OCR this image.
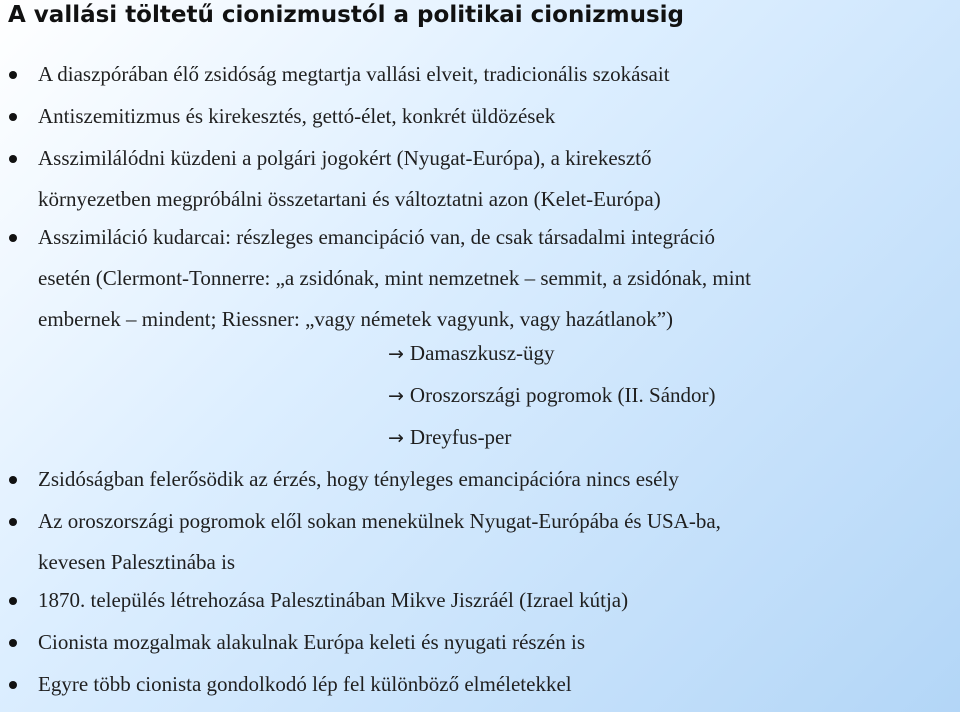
A vallási töltetű cionizmustól a politikai cionizmusig
A diaszpórában élő zsidóság megtartja vallási elveit, tradicionális szokásait
Antiszemitizmus és kirekesztés, gettó-élet, konkrét üldözések
Asszimilálódni küzdeni a polgári jogokért (Nyugat-Európa), a kirekesztő
környezetben megpróbálni összetartani és változtatni azon (Kelet-Európa)
Asszimiláció kudarcai: részleges emancipáció van, de csak társadalmi integráció
esetén (Clermont-Tonnerre: „a zsidónak, mint nemzetnek – semmit, a zsidónak, mint
embernek – mindent; Riessner: „vagy németek vagyunk, vagy hazátlanok”)
→ Damaszkusz-ügy
→ Oroszországi pogromok (II. Sándor)
→ Dreyfus-per
Zsidóságban felerősödik az érzés, hogy tényleges emancipációra nincs esély
Az oroszországi pogromok elől sokan menekülnek Nyugat-Európába és USA-ba,
kevesen Palesztinába is
1870. település létrehozása Palesztinában Mikve Jiszráél (Izrael kútja)
Cionista mozgalmak alakulnak Európa keleti és nyugati részén is
Egyre több cionista gondolkodó lép fel különböző elméletekkel
